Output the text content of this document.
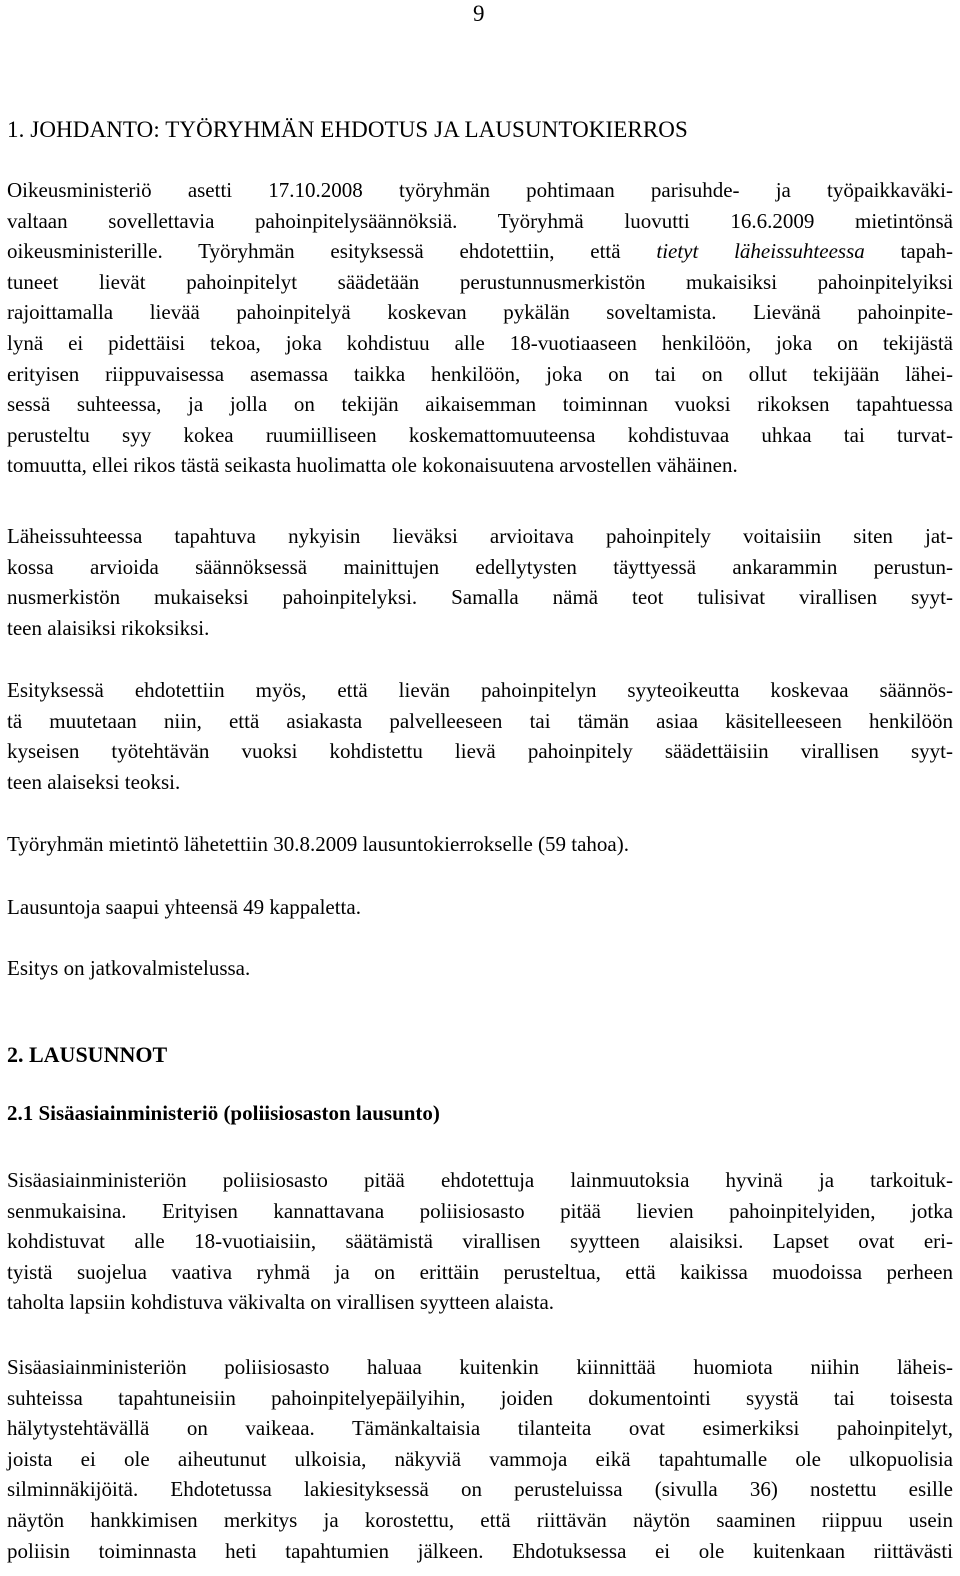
9
1. JOHDANTO: TYÖRYHMÄN EHDOTUS JA LAUSUNTOKIERROS
Oikeusministeriö asetti 17.10.2008 työryhmän pohtimaan parisuhde- ja työpaikkaväki-
valtaan sovellettavia pahoinpitelysäännöksiä. Työryhmä luovutti 16.6.2009 mietintönsä
oikeusministerille. Työryhmän esityksessä ehdotettiin, että tietyt läheissuhteessa tapah-
tuneet lievät pahoinpitelyt säädetään perustunnusmerkistön mukaisiksi pahoinpitelyiksi
rajoittamalla lievää pahoinpitelyä koskevan pykälän soveltamista. Lievänä pahoinpite-
lynä ei pidettäisi tekoa, joka kohdistuu alle 18-vuotiaaseen henkilöön, joka on tekijästä
erityisen riippuvaisessa asemassa taikka henkilöön, joka on tai on ollut tekijään lähei-
sessä suhteessa, ja jolla on tekijän aikaisemman toiminnan vuoksi rikoksen tapahtuessa
perusteltu syy kokea ruumiilliseen koskemattomuuteensa kohdistuvaa uhkaa tai turvat-
tomuutta, ellei rikos tästä seikasta huolimatta ole kokonaisuutena arvostellen vähäinen.
Läheissuhteessa tapahtuva nykyisin lieväksi arvioitava pahoinpitely voitaisiin siten jat-
kossa arvioida säännöksessä mainittujen edellytysten täyttyessä ankarammin perustun-
nusmerkistön mukaiseksi pahoinpitelyksi. Samalla nämä teot tulisivat virallisen syyt-
teen alaisiksi rikoksiksi.
Esityksessä ehdotettiin myös, että lievän pahoinpitelyn syyteoikeutta koskevaa säännös-
tä muutetaan niin, että asiakasta palvelleeseen tai tämän asiaa käsitelleeseen henkilöön
kyseisen työtehtävän vuoksi kohdistettu lievä pahoinpitely säädettäisiin virallisen syyt-
teen alaiseksi teoksi.

Työryhmän mietintö lähetettiin 30.8.2009 lausuntokierrokselle (59 tahoa).

Lausuntoja saapui yhteensä 49 kappaletta.

Esitys on jatkovalmistelussa.

2. LAUSUNNOT
2.1 Sisäasiainministeriö (poliisiosaston lausunto)
Sisäasiainministeriön poliisiosasto pitää ehdotettuja lainmuutoksia hyvinä ja tarkoituk-
senmukaisina. Erityisen kannattavana poliisiosasto pitää lievien pahoinpitelyiden, jotka
kohdistuvat alle 18-vuotiaisiin, säätämistä virallisen syytteen alaisiksi. Lapset ovat eri-
tyistä suojelua vaativa ryhmä ja on erittäin perusteltua, että kaikissa muodoissa perheen
taholta lapsiin kohdistuva väkivalta on virallisen syytteen alaista.
Sisäasiainministeriön poliisiosasto haluaa kuitenkin kiinnittää huomiota niihin läheis-
suhteissa tapahtuneisiin pahoinpitelyepäilyihin, joiden dokumentointi syystä tai toisesta
hälytystehtävällä on vaikeaa. Tämänkaltaisia tilanteita ovat esimerkiksi pahoinpitelyt,
joista ei ole aiheutunut ulkoisia, näkyviä vammoja eikä tapahtumalle ole ulkopuolisia
silminnäkijöitä. Ehdotetussa lakiesityksessä on perusteluissa (sivulla 36) nostettu esille
näytön hankkimisen merkitys ja korostettu, että riittävän näytön saaminen riippuu usein
poliisin toiminnasta heti tapahtumien jälkeen. Ehdotuksessa ei ole kuitenkaan riittävästi
